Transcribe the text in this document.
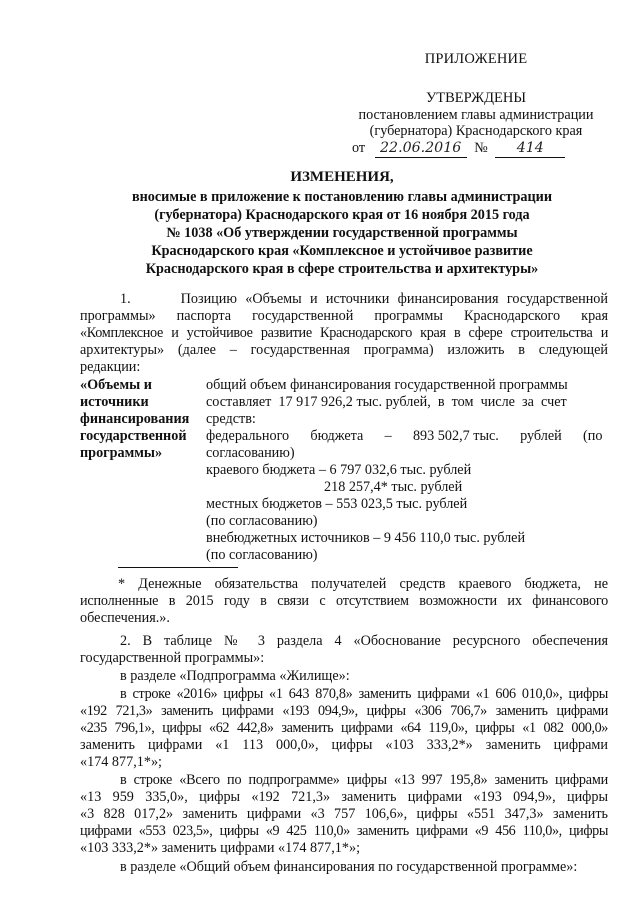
ПРИЛОЖЕНИЕ
УТВЕРЖДЕНЫ
постановлением главы администрации
(губернатора) Краснодарского края
от 22.06.2016 № 414
ИЗМЕНЕНИЯ,
вносимые в приложение к постановлению главы администрации
(губернатора) Краснодарского края от 16 ноября 2015 года
№ 1038 «Об утверждении государственной программы
Краснодарского края «Комплексное и устойчивое развитие
Краснодарского края в сфере строительства и архитектуры»
1.      Позицию «Объемы и источники финансирования государственной
программы» паспорта государственной программы Краснодарского края
«Комплексное и устойчивое развитие Краснодарского края в сфере строительства и
архитектуры» (далее – государственная программа) изложить в следующей
редакции:
«Объемы и
источники
финансирования
государственной
программы»
общий объем финансирования государственной программы
составляет  17 917 926,2 тыс. рублей,  в  том  числе  за  счет
средств:
федерального      бюджета      –      893 502,7 тыс.      рублей      (по
согласованию)
краевого бюджета – 6 797 032,6 тыс. рублей
218 257,4* тыс. рублей
местных бюджетов – 553 023,5 тыс. рублей
(по согласованию)
внебюджетных источников – 9 456 110,0 тыс. рублей
(по согласованию)
* Денежные обязательства получателей средств краевого бюджета, не
исполненные в 2015 году в связи с отсутствием возможности их финансового
обеспечения.».
2. В таблице № 3 раздела 4 «Обоснование ресурсного обеспечения
государственной программы»:
в разделе «Подпрограмма «Жилище»:
в строке «2016» цифры «1 643 870,8» заменить цифрами «1 606 010,0», цифры
«192 721,3» заменить цифрами «193 094,9», цифры «306 706,7» заменить цифрами
«235 796,1», цифры «62 442,8» заменить цифрами «64 119,0», цифры «1 082 000,0»
заменить цифрами «1 113 000,0», цифры «103 333,2*» заменить цифрами
«174 877,1*»;
в строке «Всего по подпрограмме» цифры «13 997 195,8» заменить цифрами
«13 959 335,0», цифры «192 721,3» заменить цифрами «193 094,9», цифры
«3 828 017,2» заменить цифрами «3 757 106,6», цифры «551 347,3» заменить
цифрами «553 023,5», цифры «9 425 110,0» заменить цифрами «9 456 110,0», цифры
«103 333,2*» заменить цифрами «174 877,1*»;
в разделе «Общий объем финансирования по государственной программе»:
